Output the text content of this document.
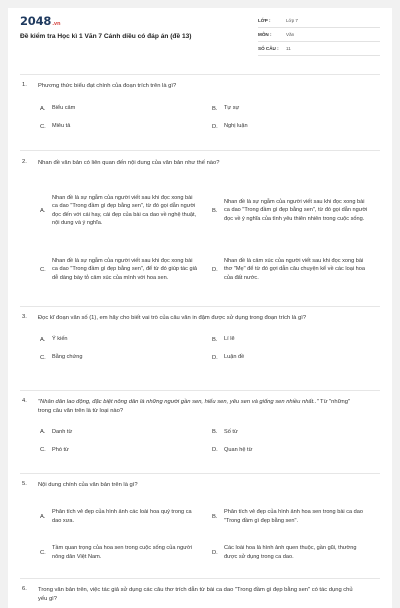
2048.vn
Đề kiểm tra Học kì 1 Văn 7 Cánh diều có đáp án (đề 13)
LỚP :	Lớp 7
MÔN :	Văn
SỐ CÂU :	11
1.	Phương thức biểu đạt chính của đoạn trích trên là gì?
A.	Biểu cảm	B.	Tự sự
C.	Miêu tả	D.	Nghị luận
2.	Nhan đề văn bản có liên quan đến nội dung của văn bản như thế nào?
A.
Nhan đề là sự ngẫm của người viết sau khi đọc xong bài ca dao "Trong đầm gì đẹp bằng sen", từ đó gọi dẫn người đọc đến với cái hay, cái đẹp của bài ca dao về nghệ thuật, nội dung và ý nghĩa.
B.
Nhan đề là sự ngẫm của người viết sau khi đọc xong bài ca dao "Trong đầm gì đẹp bằng sen", từ đó gọi dẫn người đọc về ý nghĩa của tình yêu thiên nhiên trong cuộc sống.
C.
Nhan đề là sự ngẫm của người viết sau khi đọc xong bài ca dao "Trong đầm gì đẹp bằng sen", để từ đó giúp tác giả dễ dàng bày tỏ cảm xúc của mình với hoa sen.
D.
Nhan đề là cảm xúc của người viết sau khi đọc xong bài thơ "Mẹ" để từ đó gợi dẫn câu chuyện kể về các loại hoa của đất nước.
3.	Đọc kĩ đoạn văn số (1), em hãy cho biết vai trò của câu văn in đậm được sử dụng trong đoạn trích là gì?
A.	Ý kiến	B.	Lí lẽ
C.	Bằng chứng	D.	Luận đề
4.	"Nhân dân lao động, đặc biệt nông dân là những người gần sen, hiểu sen, yêu sen và giống sen nhiều nhất.." Từ "những" trong câu văn trên là từ loại nào?
A.	Danh từ	B.	Số từ
C.	Phó từ	D.	Quan hệ từ
5.	Nội dung chính của văn bản trên là gì?
A.
Phân tích vẻ đẹp của hình ảnh các loài hoa quý trong ca dao xưa.
B.
Phân tích vẻ đẹp của hình ảnh hoa sen trong bài ca dao "Trong đầm gì đẹp bằng sen".
C.
Tầm quan trọng của hoa sen trong cuộc sống của người nông dân Việt Nam.
D.
Các loài hoa là hình ảnh quen thuộc, gần gũi, thường được sử dụng trong ca dao.
6.	Trong văn bản trên, việc tác giả sử dụng các câu thơ trích dẫn từ bài ca dao "Trong đầm gì đẹp bằng sen" có tác dụng chủ yếu gì?
